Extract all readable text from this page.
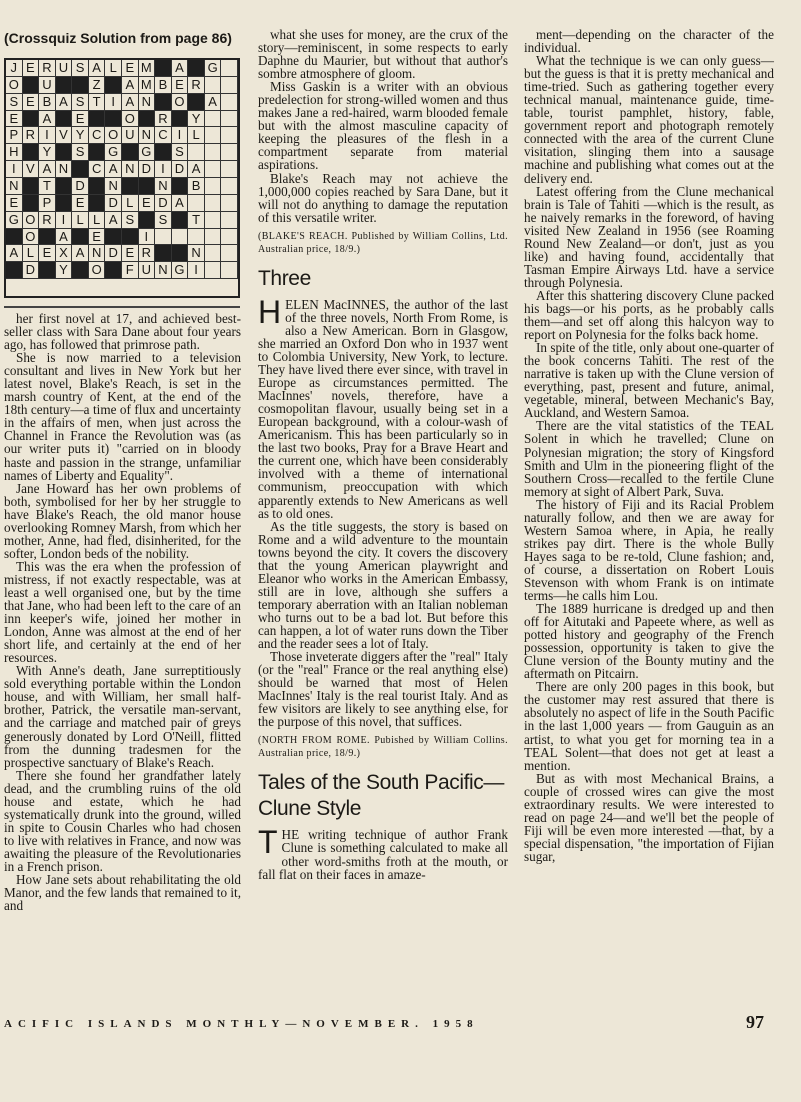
(Crossquiz Solution from page 86)
J E R U S A L E M A	G
O U	Z	A M B E R
S E B A S T I A N	O A
E	A	E	O R	Y
P R I V Y C O U N C I L
H	Y	S	G G S
I V A N	C A N D I D A
N	T	D	N	N	B
E	P	E	D L E D A
G O R I L L A S	S	T
O A	E	I
A L E X A N D E R	N
D	Y	O F U N G I

her first novel at 17, and achieved best-seller class with Sara Dane about four years ago, has followed that primrose path.

She is now married to a television consultant and lives in New York but her latest novel, Blake's Reach, is set in the marsh country of Kent, at the end of the 18th century—a time of flux and uncertainty in the affairs of men, when just across the Channel in France the Revolution was (as our writer puts it) "carried on in bloody haste and passion in the strange, unfamiliar names of Liberty and Equality".

Jane Howard has her own problems of both, symbolised for her by her struggle to have Blake's Reach, the old manor house overlooking Romney Marsh, from which her mother, Anne, had fled, disinherited, for the softer, London beds of the nobility.

This was the era when the profession of mistress, if not exactly respectable, was at least a well organised one, but by the time that Jane, who had been left to the care of an inn keeper's wife, joined her mother in London, Anne was almost at the end of her short life, and certainly at the end of her resources.

With Anne's death, Jane surreptitiously sold everything portable within the London house, and with William, her small half-brother, Patrick, the versatile man-servant, and the carriage and matched pair of greys generously donated by Lord O'Neill, flitted from the dunning tradesmen for the prospective sanctuary of Blake's Reach.

There she found her grandfather lately dead, and the crumbling ruins of the old house and estate, which he had systematically drunk into the ground, willed in spite to Cousin Charles who had chosen to live with relatives in France, and now was awaiting the pleasure of the Revolutionaries in a French prison.

How Jane sets about rehabilitating the old Manor, and the few lands that remained to it, and

what she uses for money, are the crux of the story—reminiscent, in some respects to early Daphne du Maurier, but without that author's sombre atmosphere of gloom.

Miss Gaskin is a writer with an obvious predelection for strong-willed women and thus makes Jane a red-haired, warm blooded female but with the almost masculine capacity of keeping the pleasures of the flesh in a compartment separate from material aspirations.

Blake's Reach may not achieve the 1,000,000 copies reached by Sara Dane, but it will not do anything to damage the reputation of this versatile writer.

(BLAKE'S REACH. Published by William Collins, Ltd. Australian price, 18/9.)

Three

HELEN MacINNES, the author of the last of the three novels, North From Rome, is also a New American. Born in Glasgow, she married an Oxford Don who in 1937 went to Colombia University, New York, to lecture. They have lived there ever since, with travel in Europe as circumstances permitted. The MacInnes' novels, therefore, have a cosmopolitan flavour, usually being set in a European background, with a colour-wash of Americanism. This has been particularly so in the last two books, Pray for a Brave Heart and the current one, which have been considerably involved with a theme of international communism, preoccupation with which apparently extends to New Americans as well as to old ones.

As the title suggests, the story is based on Rome and a wild adventure to the mountain towns beyond the city. It covers the discovery that the young American playwright and Eleanor who works in the American Embassy, still are in love, although she suffers a temporary aberration with an Italian nobleman who turns out to be a bad lot. But before this can happen, a lot of water runs down the Tiber and the reader sees a lot of Italy.

Those inveterate diggers after the "real" Italy (or the "real" France or the real anything else) should be warned that most of Helen MacInnes' Italy is the real tourist Italy. And as few visitors are likely to see anything else, for the purpose of this novel, that suffices.

(NORTH FROM ROME. Pubished by William Collins. Australian price, 18/9.)

Tales of the South Pacific—Clune Style

THE writing technique of author Frank Clune is something calculated to make all other word-smiths froth at the mouth, or fall flat on their faces in amaze-

ment—depending on the character of the individual.

What the technique is we can only guess—but the guess is that it is pretty mechanical and time-tried. Such as gathering together every technical manual, maintenance guide, time-table, tourist pamphlet, history, fable, government report and photograph remotely connected with the area of the current Clune visitation, slinging them into a sausage machine and publishing what comes out at the delivery end.

Latest offering from the Clune mechanical brain is Tale of Tahiti —which is the result, as he naively remarks in the foreword, of having visited New Zealand in 1956 (see Roaming Round New Zealand—or don't, just as you like) and having found, accidentally that Tasman Empire Airways Ltd. have a service through Polynesia.

After this shattering discovery Clune packed his bags—or his ports, as he probably calls them—and set off along this halcyon way to report on Polynesia for the folks back home.

In spite of the title, only about one-quarter of the book concerns Tahiti. The rest of the narrative is taken up with the Clune version of everything, past, present and future, animal, vegetable, mineral, between Mechanic's Bay, Auckland, and Western Samoa.

There are the vital statistics of the TEAL Solent in which he travelled; Clune on Polynesian migration; the story of Kingsford Smith and Ulm in the pioneering flight of the Southern Cross—recalled to the fertile Clune memory at sight of Albert Park, Suva.

The history of Fiji and its Racial Problem naturally follow, and then we are away for Western Samoa where, in Apia, he really strikes pay dirt. There is the whole Bully Hayes saga to be re-told, Clune fashion; and, of course, a dissertation on Robert Louis Stevenson with whom Frank is on intimate terms—he calls him Lou.

The 1889 hurricane is dredged up and then off for Aitutaki and Papeete where, as well as potted history and geography of the French possession, opportunity is taken to give the Clune version of the Bounty mutiny and the aftermath on Pitcairn.

There are only 200 pages in this book, but the customer may rest assured that there is absolutely no aspect of life in the South Pacific in the last 1,000 years — from Gauguin as an artist, to what you get for morning tea in a TEAL Solent—that does not get at least a mention.

But as with most Mechanical Brains, a couple of crossed wires can give the most extraordinary results. We were interested to read on page 24—and we'll bet the people of Fiji will be even more interested —that, by a special dispensation, "the importation of Fijian sugar,

ACIFIC ISLANDS MONTHLY—NOVEMBER. 1958	97
